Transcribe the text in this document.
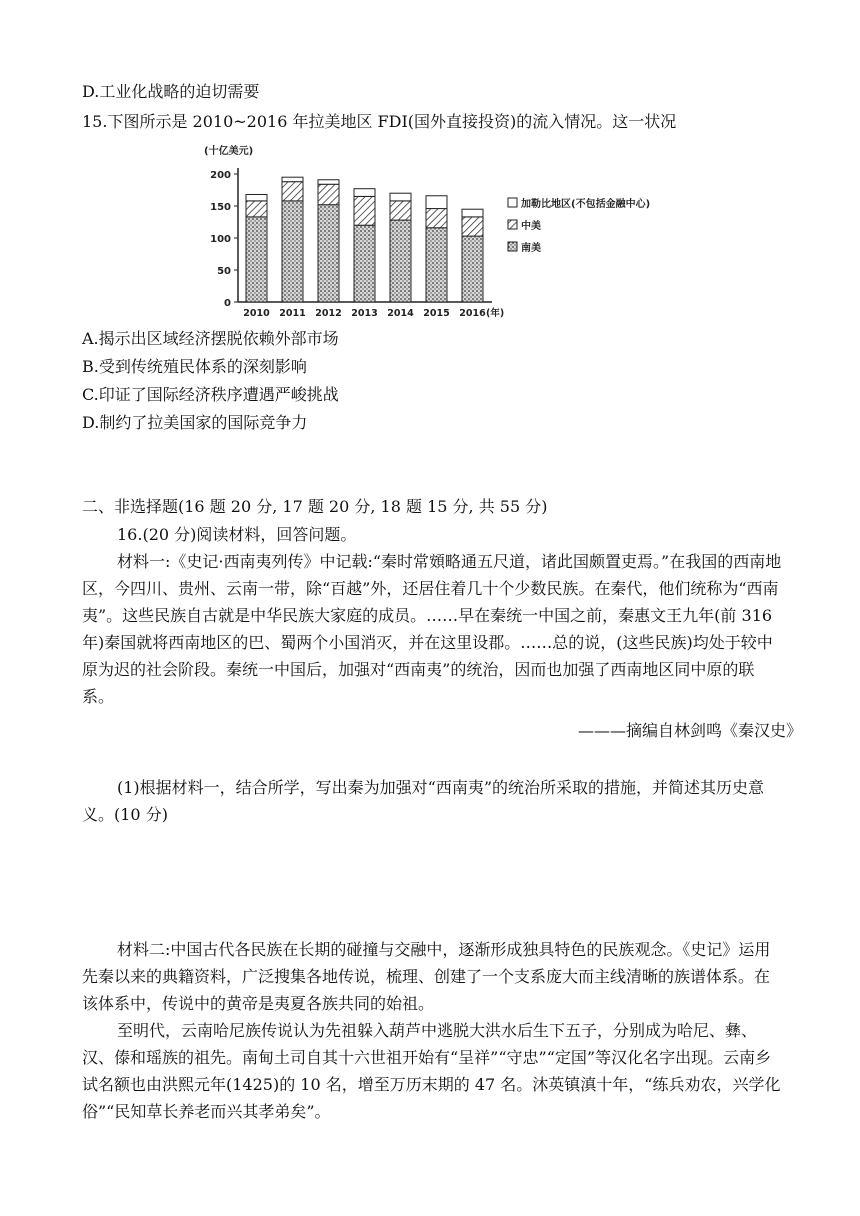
D.工业化战略的迫切需要
15.下图所示是 2010~2016 年拉美地区 FDI(国外直接投资)的流入情况。这一状况
(十亿美元)
0
50
100
150
200
2010 2011 2012 2013 2014 2015 2016 (年)
加勒比地区(不包括金融中心)
中美
南美
A.揭示出区域经济摆脱依赖外部市场
B.受到传统殖民体系的深刻影响
C.印证了国际经济秩序遭遇严峻挑战
D.制约了拉美国家的国际竞争力
二、非选择题(16 题 20 分, 17 题 20 分, 18 题 15 分, 共 55 分)
16.(20 分)阅读材料，回答问题。
材料一:《史记·西南夷列传》中记载:“秦时常頞略通五尺道，诸此国颇置吏焉。”在我国的西南地区，今四川、贵州、云南一带，除“百越”外，还居住着几十个少数民族。在秦代，他们统称为“西南夷”。这些民族自古就是中华民族大家庭的成员。……早在秦统一中国之前，秦惠文王九年(前 316 年)秦国就将西南地区的巴、蜀两个小国消灭，并在这里设郡。……总的说，(这些民族)均处于较中原为迟的社会阶段。秦统一中国后，加强对“西南夷”的统治，因而也加强了西南地区同中原的联系。
———摘编自林剑鸣《秦汉史》
(1)根据材料一，结合所学，写出秦为加强对“西南夷”的统治所采取的措施，并简述其历史意义。(10 分)
材料二:中国古代各民族在长期的碰撞与交融中，逐渐形成独具特色的民族观念。《史记》运用先秦以来的典籍资料，广泛搜集各地传说，梳理、创建了一个支系庞大而主线清晰的族谱体系。在该体系中，传说中的黄帝是夷夏各族共同的始祖。
至明代，云南哈尼族传说认为先祖躲入葫芦中逃脱大洪水后生下五子，分别成为哈尼、彝、汉、傣和瑶族的祖先。南甸土司自其十六世祖开始有“呈祥”“守忠”“定国”等汉化名字出现。云南乡试名额也由洪熙元年(1425)的 10 名，增至万历末期的 47 名。沐英镇滇十年，“练兵劝农，兴学化俗”“民知草长养老而兴其孝弟矣”。
